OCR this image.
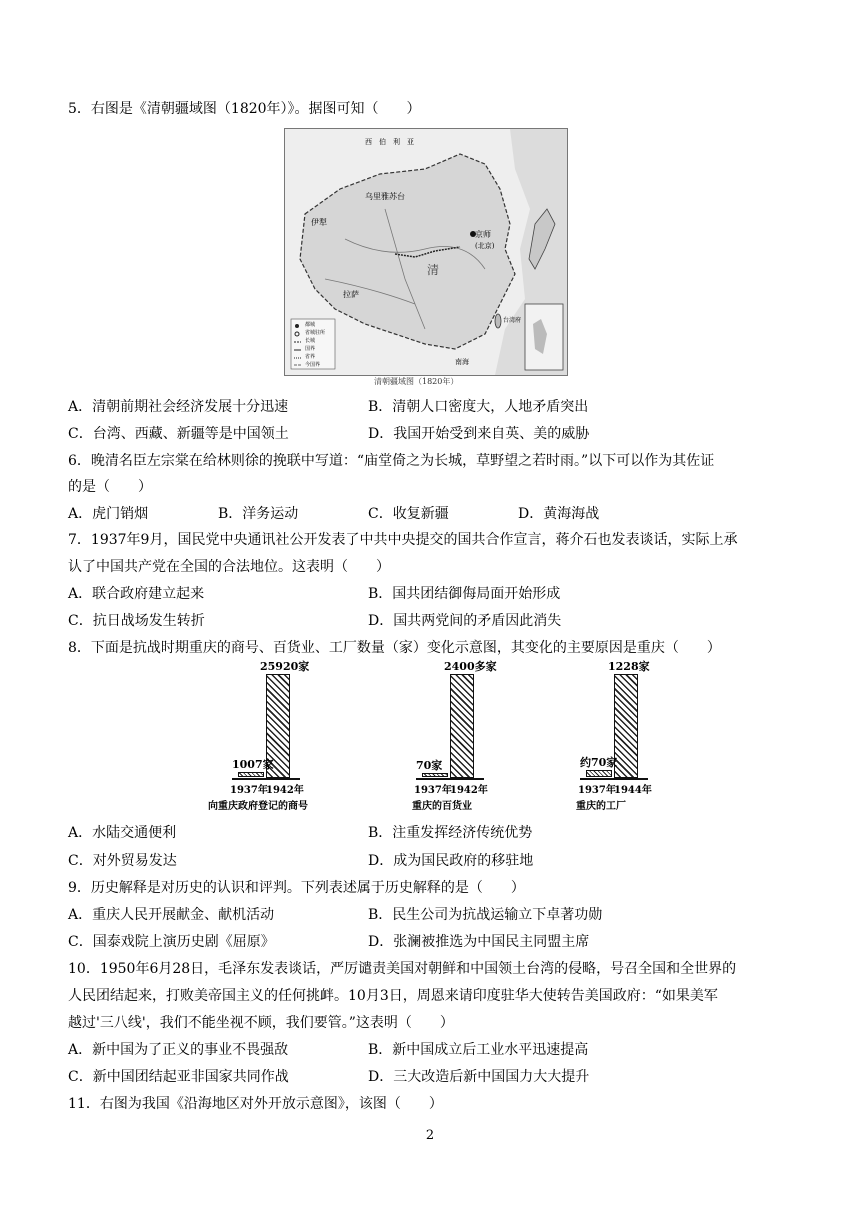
5．右图是《清朝疆域图（1820年）》。据图可知（　　）
西　伯　利　亚
乌里雅苏台
伊犁
京师
(北京)
清
拉萨
南海
台湾府
都城
省城驻所
长城
国界
省界
今国界
清朝疆域图（1820年）
A．清朝前期社会经济发展十分迅速	B．清朝人口密度大，人地矛盾突出
C．台湾、西藏、新疆等是中国领土	D．我国开始受到来自英、美的威胁
6．晚清名臣左宗棠在给林则徐的挽联中写道：“庙堂倚之为长城，草野望之若时雨。”以下可以作为其佐证
的是（　　）
A．虎门销烟	B．洋务运动	C．收复新疆	D．黄海海战
7．1937年9月，国民党中央通讯社公开发表了中共中央提交的国共合作宣言，蒋介石也发表谈话，实际上承
认了中国共产党在全国的合法地位。这表明（　　）
A．联合政府建立起来	B．国共团结御侮局面开始形成
C．抗日战场发生转折	D．国共两党间的矛盾因此消失
8．下面是抗战时期重庆的商号、百货业、工厂数量（家）变化示意图，其变化的主要原因是重庆（　　）
1007家
25920家
1937年
1942年
向重庆政府登记的商号
70家
2400多家
1937年
1942年
重庆的百货业
约70家
1228家
1937年
1944年
重庆的工厂
A．水陆交通便利	B．注重发挥经济传统优势
C．对外贸易发达	D．成为国民政府的移驻地
9．历史解释是对历史的认识和评判。下列表述属于历史解释的是（　　）
A．重庆人民开展献金、献机活动	B．民生公司为抗战运输立下卓著功勋
C．国泰戏院上演历史剧《屈原》	D．张澜被推选为中国民主同盟主席
10．1950年6月28日，毛泽东发表谈话，严厉谴责美国对朝鲜和中国领土台湾的侵略，号召全国和全世界的
人民团结起来，打败美帝国主义的任何挑衅。10月3日，周恩来请印度驻华大使转告美国政府：“如果美军
越过'三八线'，我们不能坐视不顾，我们要管。”这表明（　　）
A．新中国为了正义的事业不畏强敌	B．新中国成立后工业水平迅速提高
C．新中国团结起亚非国家共同作战	D．三大改造后新中国国力大大提升
11．右图为我国《沿海地区对外开放示意图》，该图（　　）
2
